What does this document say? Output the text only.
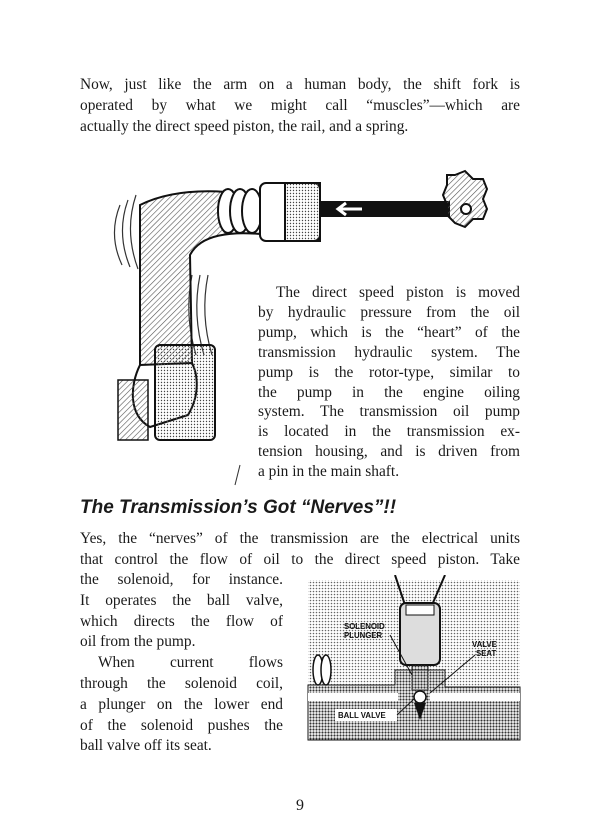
Now, just like the arm on a human body, the shift fork is
operated by what we might call “muscles”—which are
actually the direct speed piston, the rail, and a spring.

The direct speed piston is moved
by hydraulic pressure from the oil
pump, which is the “heart” of the
transmission hydraulic system. The
pump is the rotor-type, similar to
the pump in the engine oiling
system. The transmission oil pump
is located in the transmission ex-
tension housing, and is driven from
a pin in the main shaft.

The Transmission’s Got “Nerves”!!

Yes, the “nerves” of the transmission are the electrical units
that control the flow of oil to the direct speed piston. Take

the solenoid, for instance.
It operates the ball valve,
which directs the flow of
oil from the pump.
When current flows
through the solenoid coil,
a plunger on the lower end
of the solenoid pushes the
ball valve off its seat.

SOLENOID
PLUNGER
VALVE
SEAT
BALL VALVE
9
